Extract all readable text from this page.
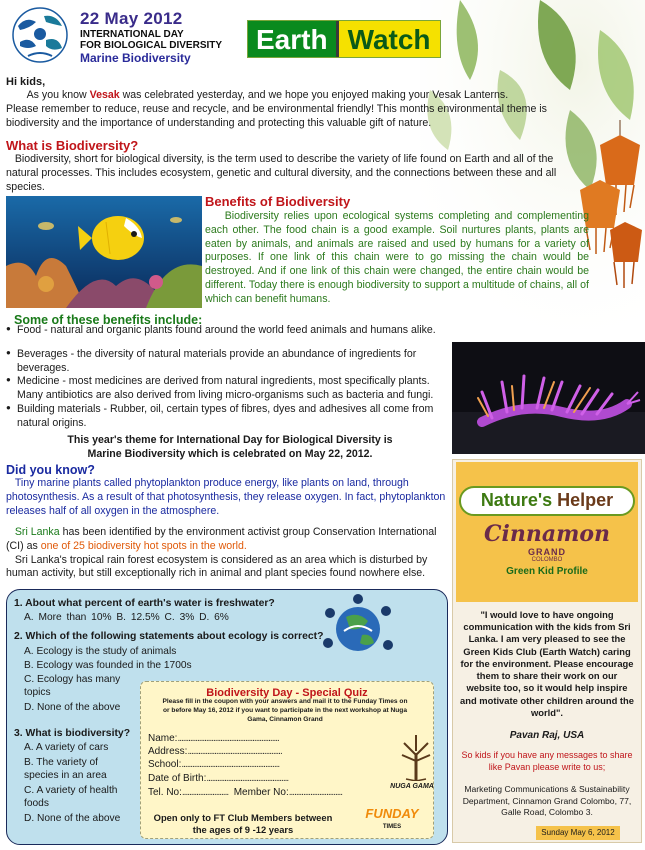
22 May 2012
INTERNATIONAL DAY
FOR BIOLOGICAL DIVERSITY
Marine Biodiversity
Earth Watch
Hi kids,

As you know Vesak was celebrated yesterday, and we hope you enjoyed making your Vesak Lanterns.

Please remember to reduce, reuse and recycle, and be environmental friendly! This months environmental theme is biodiversity and the importance of understanding and protecting this valuable gift of nature.

What is Biodiversity?
Biodiversity, short for biological diversity, is the term used to describe the variety of life found on Earth and all of the natural processes. This includes ecosystem, genetic and cultural diversity, and the connections between these and all species.
Benefits of Biodiversity
Biodiversity relies upon ecological systems completing and complementing each other. The food chain is a good example. Soil nurtures plants, plants are eaten by animals, and animals are raised and used by humans for a variety of purposes. If one link of this chain were to go missing the chain would be destroyed. And if one link of this chain were changed, the entire chain would be different. Today there is enough biodiversity to support a multitude of chains, all of which can benefit humans.
Some of these benefits include:
● Food - natural and organic plants found around the world feed animals and humans alike.
● Beverages - the diversity of natural materials provide an abundance of ingredients for beverages.
● Medicine - most medicines are derived from natural ingredients, most specifically plants. Many antibiotics are also derived from living micro-organisms such as bacteria and fungi.
● Building materials - Rubber, oil, certain types of fibres, dyes and adhesives all come from natural origins.
This year's theme for International Day for Biological Diversity is
Marine Biodiversity which is celebrated on May 22, 2012.
Did you know?
Tiny marine plants called phytoplankton produce energy, like plants on land, through photosynthesis. As a result of that photosynthesis, they release oxygen. In fact, phytoplankton releases half of all oxygen in the atmosphere.
Sri Lanka has been identified by the environment activist group Conservation International (CI) as one of 25 biodiversity hot spots in the world.
Sri Lanka's tropical rain forest ecosystem is considered as an area which is disturbed by human activity, but still exceptionally rich in animal and plant species found nowhere else.
Nature's
Helper
Cinnamon
GRAND
COLOMBO
Green Kid Profile
"I would love to have ongoing communication with the kids from Sri Lanka. I am very pleased to see the Green Kids Club (Earth Watch) caring for the environment. Please encourage them to share their work on our website too, so it would help inspire and motivate other children around the world".
Pavan Raj, USA
So kids if you have any messages to share like Pavan please write to us;
Marketing Communications & Sustainability Department, Cinnamon Grand Colombo, 77, Galle Road, Colombo 3.
Sunday May 6, 2012
1. About what percent of earth's water is freshwater?
A. More than 10% B. 12.5% C. 3% D. 6%
2. Which of the following statements about ecology is correct?
A. Ecology is the study of animals
B. Ecology was founded in the 1700s
C. Ecology has many topics
D. None of the above
3. What is biodiversity?
A. A variety of cars
B. The variety of species in an area
C. A variety of health foods
D. None of the above
Biodiversity Day - Special Quiz
Please fill in the coupon with your answers and mail it to the Funday Times on or before May 16, 2012 if you want to participate in the next workshop at Nuga Gama, Cinnamon Grand
Name:.........................................................
Address:.....................................................
School:.......................................................
Date of Birth:..............................................
Tel. No:.......................... Member No:..............................
NUGA GAMA
Open only to FT Club Members between the ages of 9 -12 years
FUNDAY
TIMES
